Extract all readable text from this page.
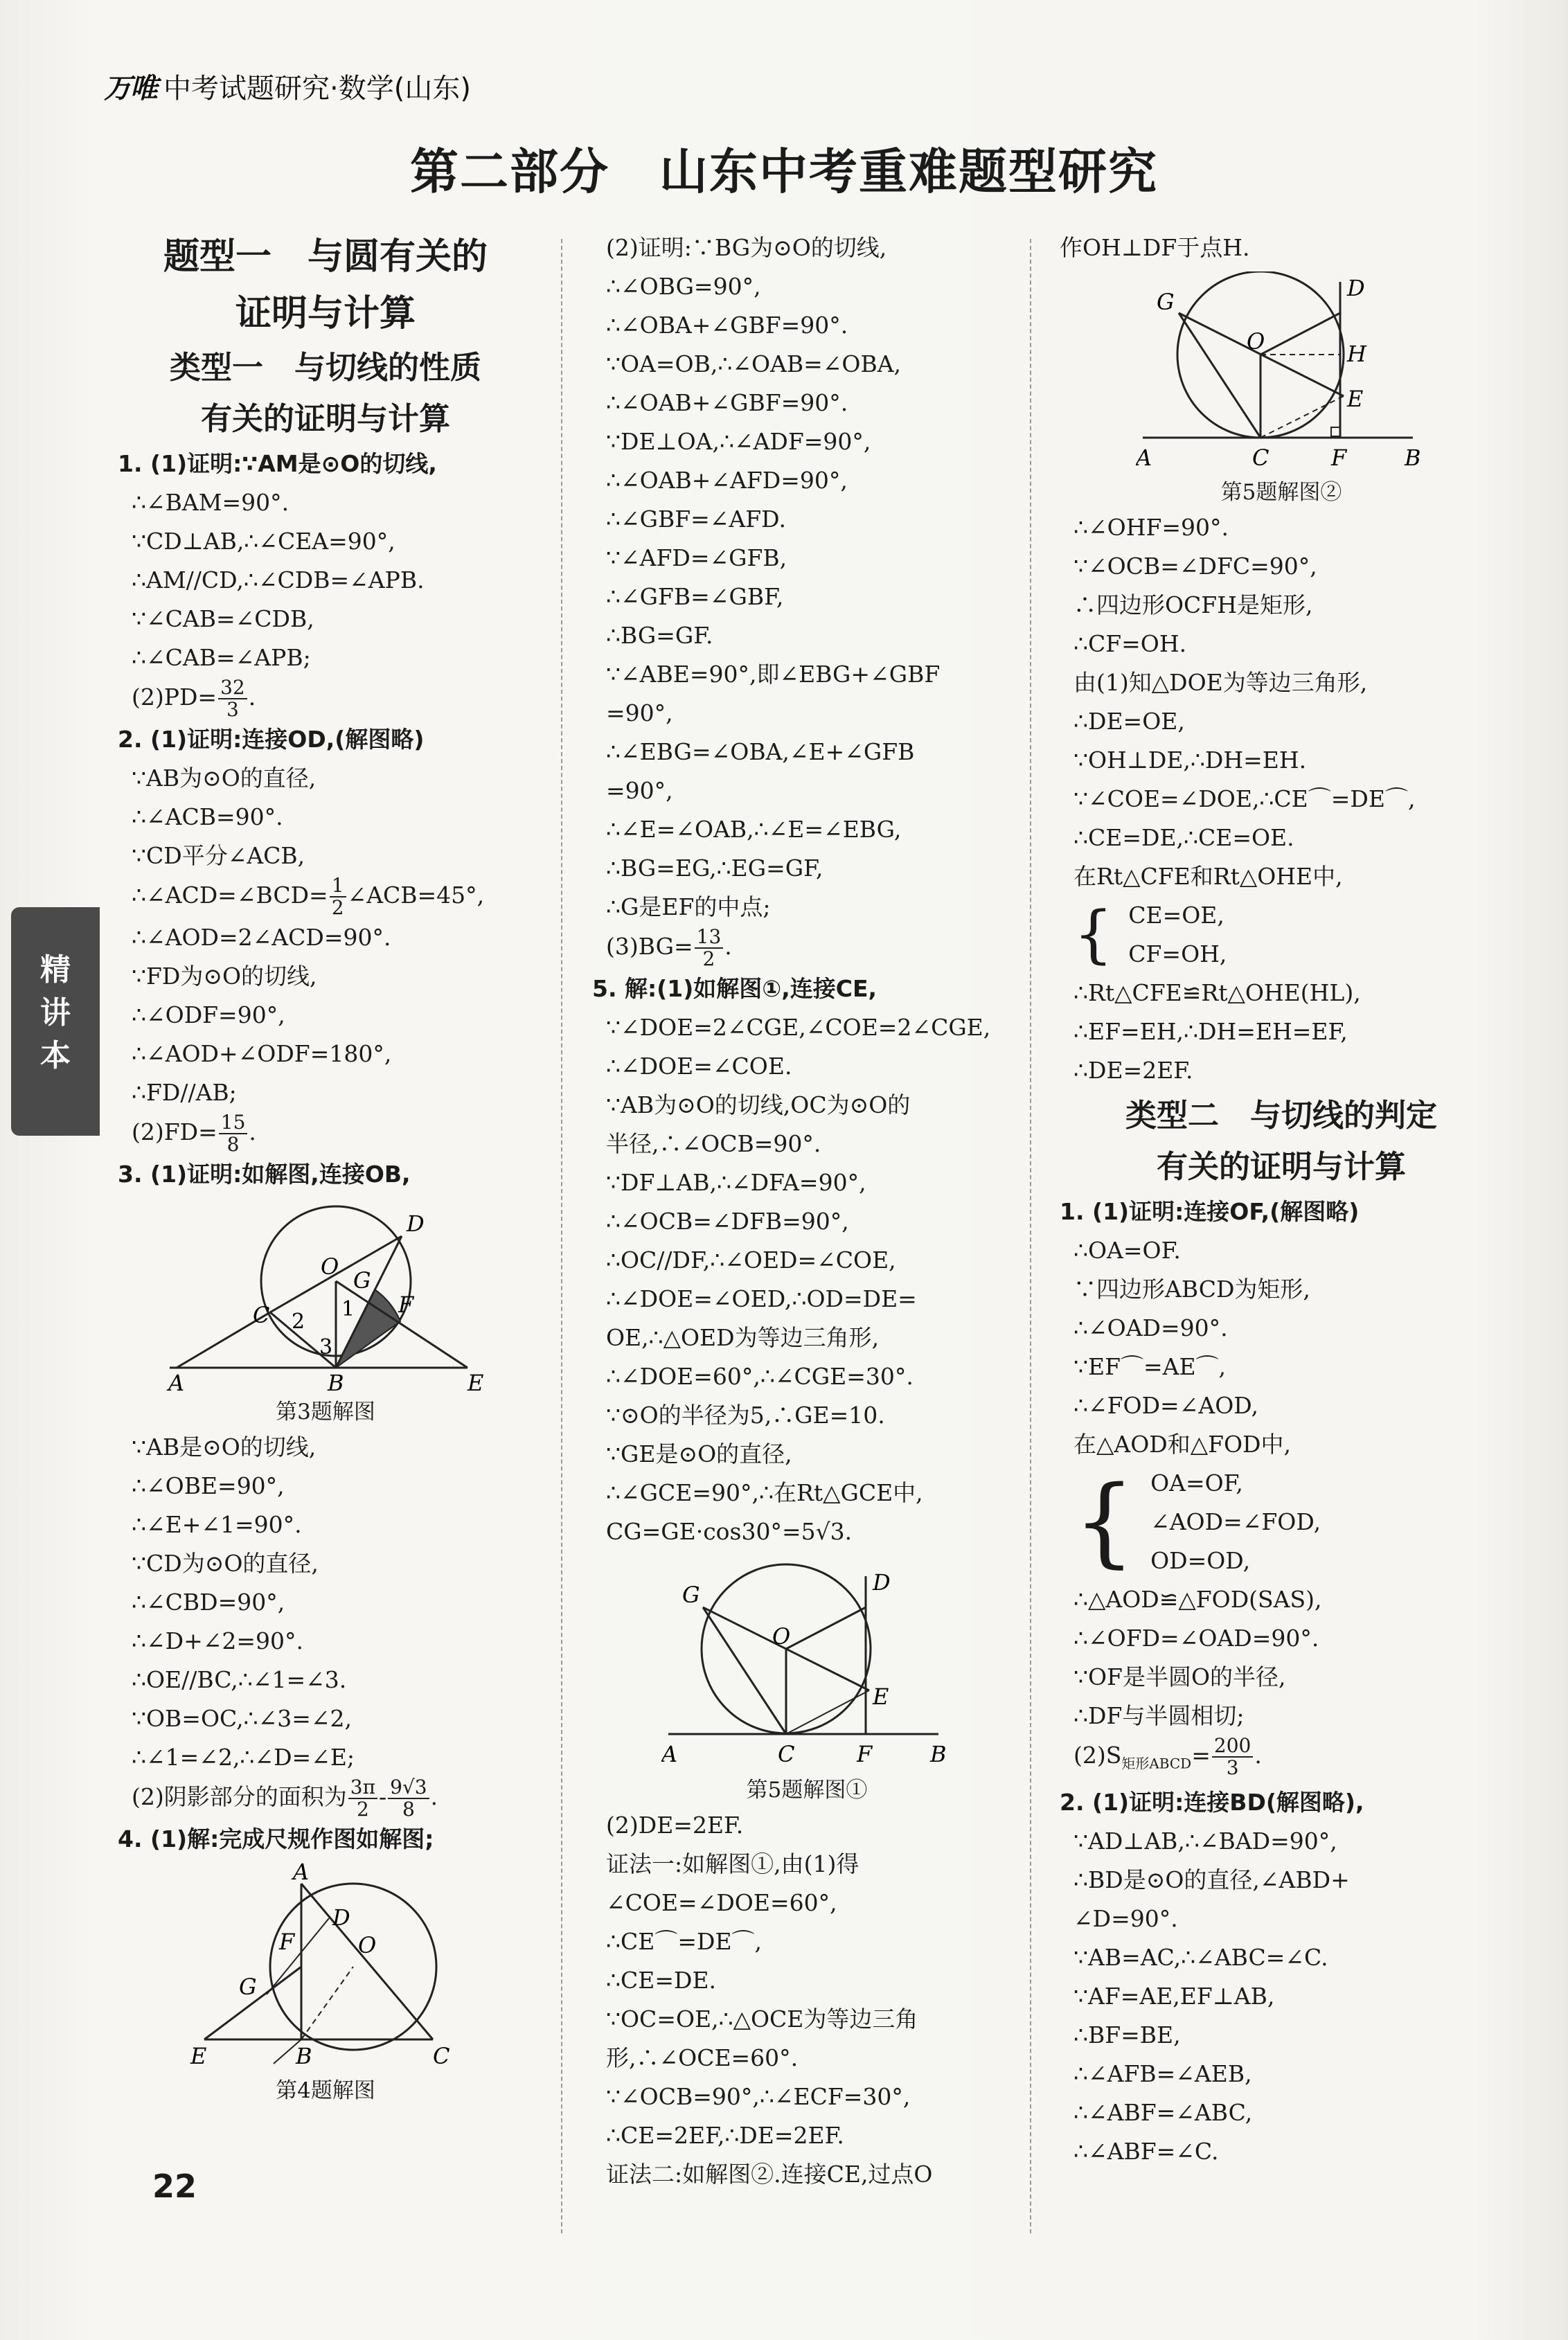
万唯 中考试题研究·数学(山东)
第二部分　山东中考重难题型研究
精
讲
本
题型一　与圆有关的
证明与计算
类型一　与切线的性质
有关的证明与计算
1. (1)证明:∵AM是⊙O的切线,
∴∠BAM=90°.
∵CD⊥AB,∴∠CEA=90°,
∴AM//CD,∴∠CDB=∠APB.
∵∠CAB=∠CDB,
∴∠CAB=∠APB;
$(2)PD= \frac{32}{3}$ .
2. (1)证明:连接OD,(解图略)
∵AB为⊙O的直径,
∴∠ACB=90°.
∵CD平分∠ACB,
∴∠ACD=∠BCD= $\frac{1}{2}$ ∠ACB=45°,
∴∠AOD=2∠ACD=90°.
∵FD为⊙O的切线,
∴∠ODF=90°,
∴∠AOD+∠ODF=180°,
∴FD//AB;
$(2)FD= \frac{15}{8}$ .
3. (1)证明:如解图,连接OB,
D
O
G
1
C 2
F
3
A	B	E
第3题解图
∵AB是⊙O的切线,
∴∠OBE=90°,
∴∠E+∠1=90°.
∵CD为⊙O的直径,
∴∠CBD=90°,
∴∠D+∠2=90°.
∴OE//BC,∴∠1=∠3.
∵OB=OC,∴∠3=∠2,
∴∠1=∠2,∴∠D=∠E;
(2)阴影部分的面积为 $\frac{3\pi}{2} - \frac{9√3}{8}$ .
4. (1)解:完成尺规作图如解图;
A
D
F	O
G
E	B	C
第4题解图
(2)证明:∵BG为⊙O的切线,
∴∠OBG=90°,
∴∠OBA+∠GBF=90°.
∵OA=OB,∴∠OAB=∠OBA,
∴∠OAB+∠GBF=90°.
∵DE⊥OA,∴∠ADF=90°,
∴∠OAB+∠AFD=90°,
∴∠GBF=∠AFD.
∵∠AFD=∠GFB,
∴∠GFB=∠GBF,
∴BG=GF.
∵∠ABE=90°,即∠EBG+∠GBF
=90°,
∴∠EBG=∠OBA,∠E+∠GFB
=90°,
∴∠E=∠OAB,∴∠E=∠EBG,
∴BG=EG,∴EG=GF,
∴G是EF的中点;
$(3)BG= \frac{13}{2}$ .
5. 解:(1)如解图①,连接CE,
∵∠DOE=2∠CGE,∠COE=2∠CGE,
∴∠DOE=∠COE.
∵AB为⊙O的切线,OC为⊙O的
半径,∴∠OCB=90°.
∵DF⊥AB,∴∠DFA=90°,
∴∠OCB=∠DFB=90°,
∴OC//DF,∴∠OED=∠COE,
∴∠DOE=∠OED,∴OD=DE=
OE,∴△OED为等边三角形,
∴∠DOE=60°,∴∠CGE=30°.
∵⊙O的半径为5,∴GE=10.
∵GE是⊙O的直径,
∴∠GCE=90°,∴在Rt△GCE中,
CG=GE·cos30°=5√3.
G	D
O
E
A	C	F	B
第5题解图①
(2)DE=2EF.
证法一:如解图①,由(1)得
∠COE=∠DOE=60°,
∴CE⌒=DE⌒,
∴CE=DE.
∵OC=OE,∴△OCE为等边三角
形,∴∠OCE=60°.
∵∠OCB=90°,∴∠ECF=30°,
∴CE=2EF,∴DE=2EF.
证法二:如解图②.连接CE,过点O
作OH⊥DF于点H.
G
D
O	H
E
A	C	F	B
第5题解图②
∴∠OHF=90°.
∵∠OCB=∠DFC=90°,
∴四边形OCFH是矩形,
∴CF=OH.
由(1)知△DOE为等边三角形,
∴DE=OE,
∵OH⊥DE,∴DH=EH.
∵∠COE=∠DOE,∴CE⌒=DE⌒,
∴CE=DE,∴CE=OE.
在Rt△CFE和Rt△OHE中,
{ CE=OE,
CF=OH,
∴Rt△CFE≌Rt△OHE(HL),
∴EF=EH,∴DH=EH=EF,
∴DE=2EF.
类型二　与切线的判定
有关的证明与计算
1. (1)证明:连接OF,(解图略)
∴OA=OF.
∵四边形ABCD为矩形,
∴∠OAD=90°.
∵EF⌒=AE⌒,
∴∠FOD=∠AOD,
在△AOD和△FOD中,
{ OA=OF,
∠AOD=∠FOD,
OD=OD,
∴△AOD≌△FOD(SAS),
∴∠OFD=∠OAD=90°.
∵OF是半圆O的半径,
∴DF与半圆相切;
$(2)S_{矩形ABCD}= \frac{200}{3}$ .
2. (1)证明:连接BD(解图略),
∵AD⊥AB,∴∠BAD=90°,
∴BD是⊙O的直径,∠ABD+
∠D=90°.
∵AB=AC,∴∠ABC=∠C.
∵AF=AE,EF⊥AB,
∴BF=BE,
∴∠AFB=∠AEB,
∴∠ABF=∠ABC,
∴∠ABF=∠C.
22
